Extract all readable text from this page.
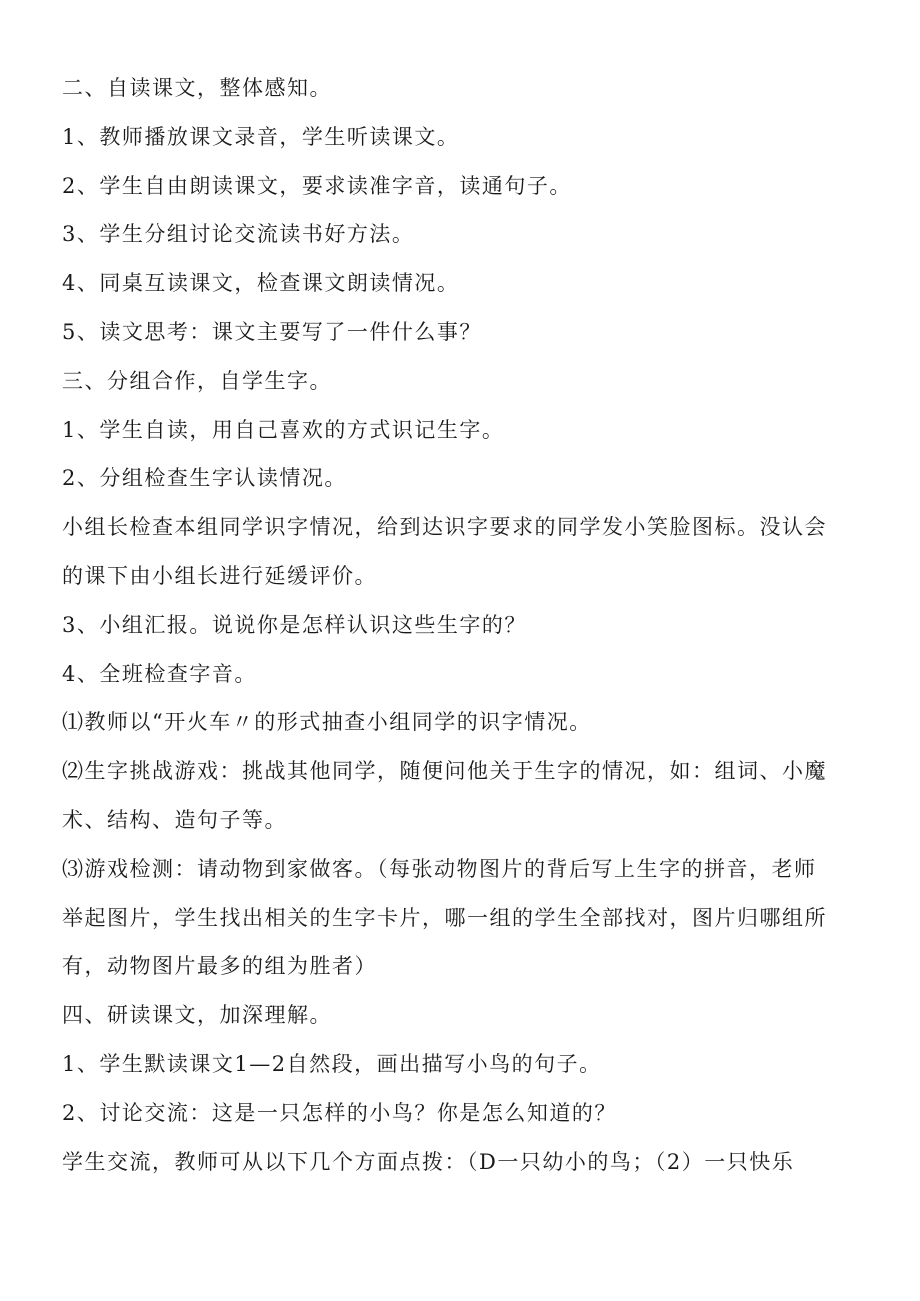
二、自读课文，整体感知。
1、教师播放课文录音，学生听读课文。
2、学生自由朗读课文，要求读准字音，读通句子。
3、学生分组讨论交流读书好方法。
4、同桌互读课文，检查课文朗读情况。
5、读文思考：课文主要写了一件什么事？
三、分组合作，自学生字。
1、学生自读，用自己喜欢的方式识记生字。
2、分组检查生字认读情况。
小组长检查本组同学识字情况，给到达识字要求的同学发小笑脸图标。没认会
的课下由小组长进行延缓评价。
3、小组汇报。说说你是怎样认识这些生字的？
4、全班检查字音。
⑴教师以“开火车〃的形式抽查小组同学的识字情况。
⑵生字挑战游戏：挑战其他同学，随便问他关于生字的情况，如：组词、小魔
术、结构、造句子等。
⑶游戏检测：请动物到家做客。（每张动物图片的背后写上生字的拼音，老师
举起图片，学生找出相关的生字卡片，哪一组的学生全部找对，图片归哪组所
有，动物图片最多的组为胜者）
四、研读课文，加深理解。
1、学生默读课文1—2自然段，画出描写小鸟的句子。
2、讨论交流：这是一只怎样的小鸟？你是怎么知道的？
学生交流，教师可从以下几个方面点拨：（D一只幼小的鸟；（2）一只快乐
